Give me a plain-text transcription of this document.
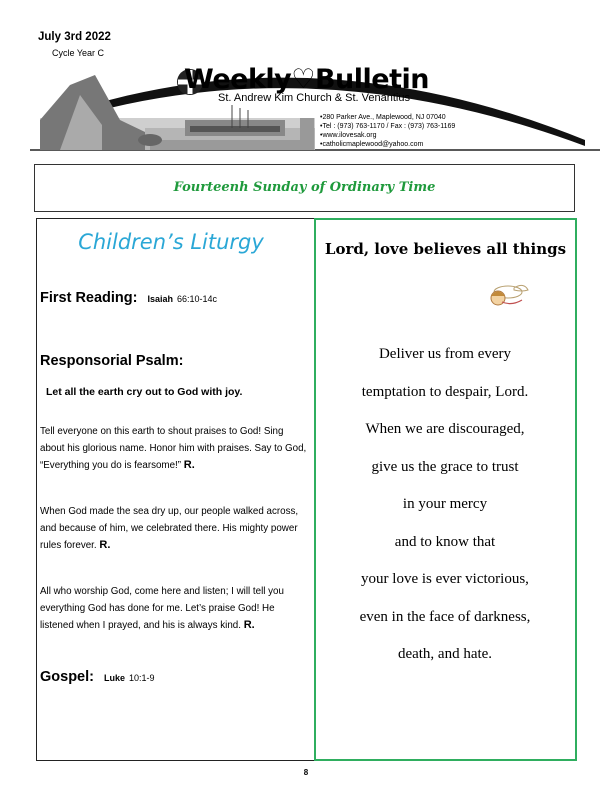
July 3rd 2022
Cycle Year C
Weekly♡Bulletin
St. Andrew Kim Church & St. Venantius
•280 Parker Ave., Maplewood, NJ 07040
•Tel : (973) 763-1170 / Fax : (973) 763-1169
•www.ilovesak.org
•catholicmaplewood@yahoo.com
Fourteenh Sunday of Ordinary Time
Children’s Liturgy
First Reading: Isaiah 66:10-14c
Responsorial Psalm:
Let all the earth cry out to God with joy.
Tell everyone on this earth to shout praises to God! Sing about his glorious name. Honor him with praises. Say to God, “Everything you do is fearsome!” R.
When God made the sea dry up, our people walked across, and because of him, we celebrated there. His mighty power rules forever. R.
All who worship God, come here and listen; I will tell you everything God has done for me. Let’s praise God! He listened when I prayed, and his is always kind. R.
Gospel: Luke 10:1-9
Lord, love believes all things
Deliver us from every
temptation to despair, Lord.
When we are discouraged,
give us the grace to trust
in your mercy
and to know that
your love is ever victorious,
even in the face of darkness,
death, and hate.
8
